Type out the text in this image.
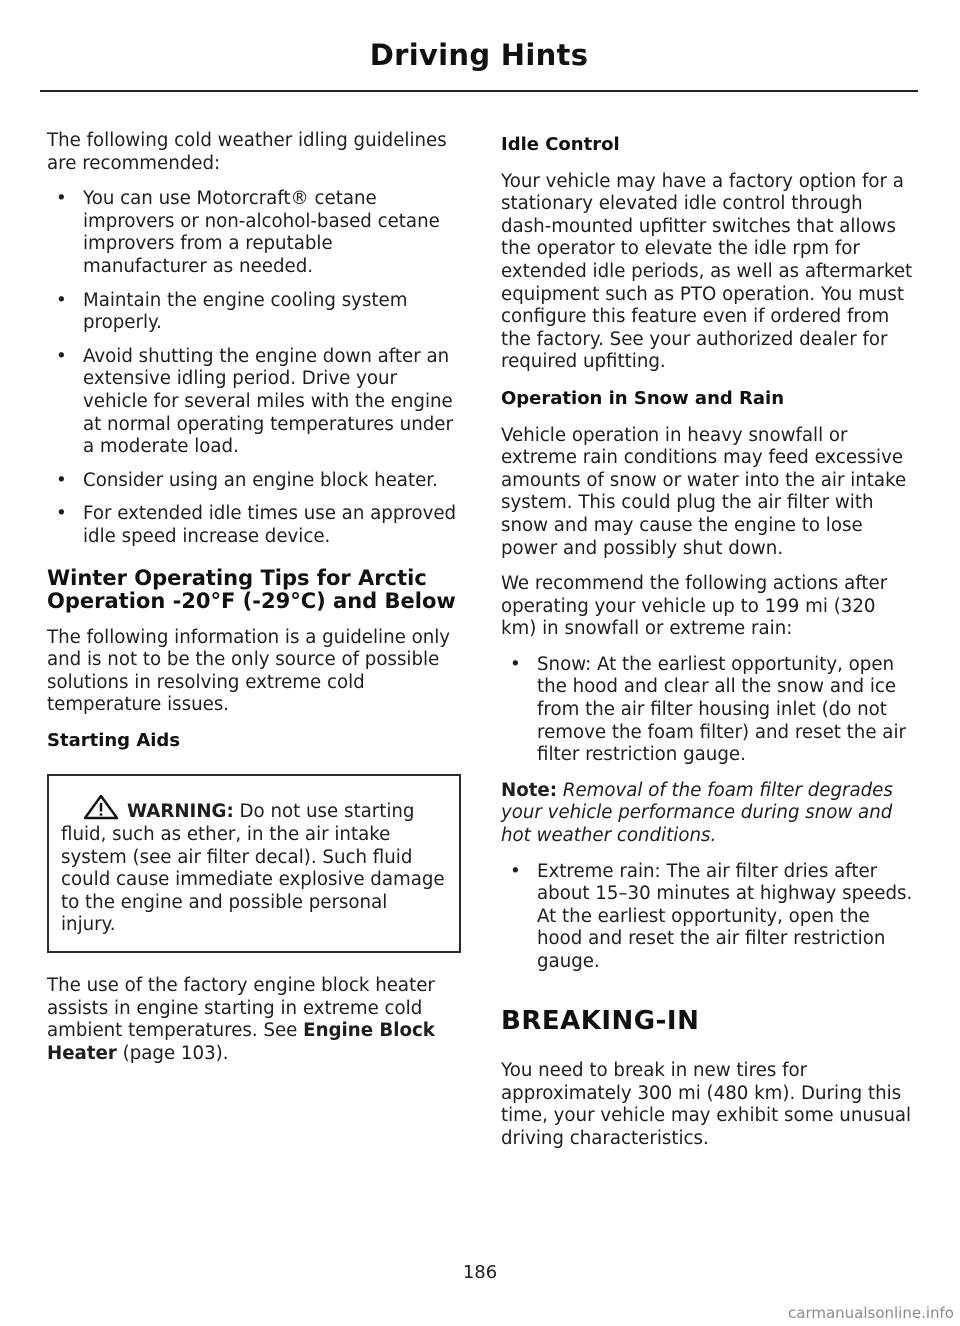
Driving Hints

The following cold weather idling guidelines are recommended:

• You can use Motorcraft® cetane improvers or non-alcohol-based cetane improvers from a reputable manufacturer as needed.
• Maintain the engine cooling system properly.
• Avoid shutting the engine down after an extensive idling period. Drive your vehicle for several miles with the engine at normal operating temperatures under a moderate load.
• Consider using an engine block heater.
• For extended idle times use an approved idle speed increase device.
Winter Operating Tips for Arctic Operation -20°F (-29°C) and Below

The following information is a guideline only and is not to be the only source of possible solutions in resolving extreme cold temperature issues.

Starting Aids
WARNING: Do not use starting fluid, such as ether, in the air intake system (see air filter decal). Such fluid could cause immediate explosive damage to the engine and possible personal injury.

The use of the factory engine block heater assists in engine starting in extreme cold ambient temperatures. See Engine Block Heater (page 103).

Idle Control

Your vehicle may have a factory option for a stationary elevated idle control through dash-mounted upfitter switches that allows the operator to elevate the idle rpm for extended idle periods, as well as aftermarket equipment such as PTO operation. You must configure this feature even if ordered from the factory. See your authorized dealer for required upfitting.

Operation in Snow and Rain

Vehicle operation in heavy snowfall or extreme rain conditions may feed excessive amounts of snow or water into the air intake system. This could plug the air filter with snow and may cause the engine to lose power and possibly shut down.

We recommend the following actions after operating your vehicle up to 199 mi (320 km) in snowfall or extreme rain:

• Snow: At the earliest opportunity, open the hood and clear all the snow and ice from the air filter housing inlet (do not remove the foam filter) and reset the air filter restriction gauge.

Note: Removal of the foam filter degrades your vehicle performance during snow and hot weather conditions.

• Extreme rain: The air filter dries after about 15–30 minutes at highway speeds. At the earliest opportunity, open the hood and reset the air filter restriction gauge.
BREAKING-IN

You need to break in new tires for approximately 300 mi (480 km). During this time, your vehicle may exhibit some unusual driving characteristics.

186
carmanualsonline.info
